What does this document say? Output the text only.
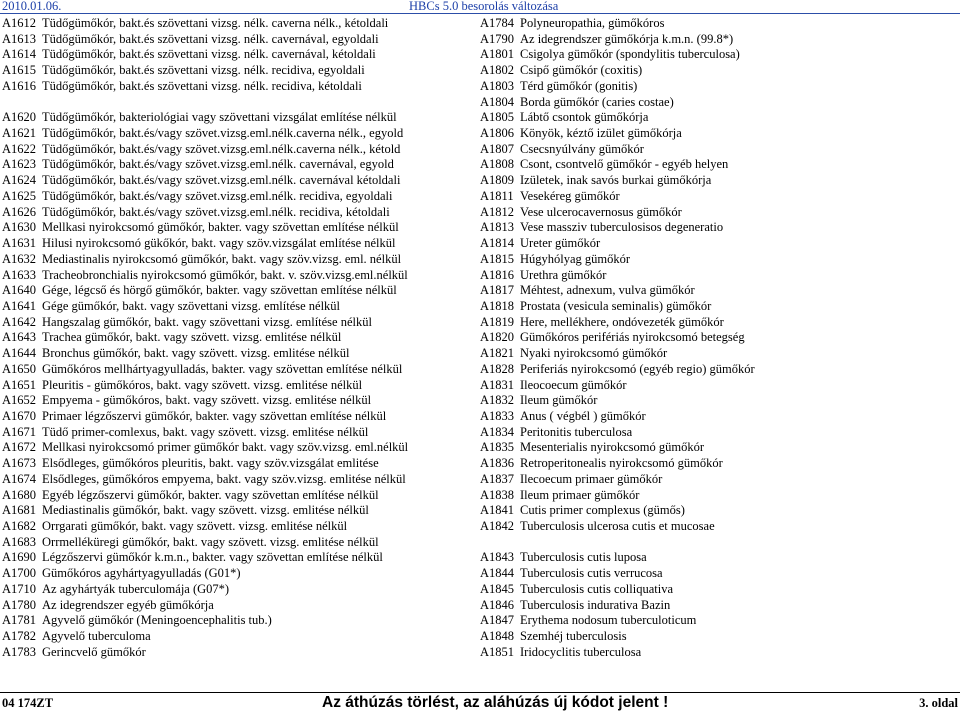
2010.01.06.	HBCs 5.0 besorolás változása
A1612 Tüdőgümőkór, bakt.és szövettani vizsg. nélk. caverna nélk., kétoldali
A1613 Tüdőgümőkór, bakt.és szövettani vizsg. nélk. cavernával, egyoldali
A1614 Tüdőgümőkór, bakt.és szövettani vizsg. nélk. cavernával, kétoldali
A1615 Tüdőgümőkór, bakt.és szövettani vizsg. nélk. recidiva, egyoldali
A1616 Tüdőgümőkór, bakt.és szövettani vizsg. nélk. recidiva, kétoldali
A1620 Tüdőgümőkór, bakteriológiai vagy szövettani vizsgálat említése nélkül
A1621 Tüdőgümőkór, bakt.és/vagy szövet.vizsg.eml.nélk.caverna nélk., egyold
A1622 Tüdőgümőkór, bakt.és/vagy szövet.vizsg.eml.nélk.caverna nélk., kétold
A1623 Tüdőgümőkór, bakt.és/vagy szövet.vizsg.eml.nélk. cavernával, egyold
A1624 Tüdőgümőkór, bakt.és/vagy szövet.vizsg.eml.nélk. cavernával kétoldali
A1625 Tüdőgümőkór, bakt.és/vagy szövet.vizsg.eml.nélk. recidiva, egyoldali
A1626 Tüdőgümőkór, bakt.és/vagy szövet.vizsg.eml.nélk. recidiva, kétoldali
A1630 Mellkasi nyirokcsomó gümőkór, bakter. vagy szövettan említése nélkül
A1631 Hilusi nyirokcsomó gükőkór, bakt. vagy szöv.vizsgálat említése nélkül
A1632 Mediastinalis nyirokcsomó gümőkór, bakt. vagy szöv.vizsg. eml. nélkül
A1633 Tracheobronchialis nyirokcsomó gümőkór, bakt. v. szöv.vizsg.eml.nélkül
A1640 Gége, légcső és hörgő gümőkór, bakter. vagy szövettan említése nélkül
A1641 Gége gümőkór, bakt. vagy szövettani vizsg. említése nélkül
A1642 Hangszalag gümőkór, bakt. vagy szövettani vizsg. említése nélkül
A1643 Trachea gümőkór, bakt. vagy szövett. vizsg. emlitése nélkül
A1644 Bronchus gümőkór, bakt. vagy szövett. vizsg. emlitése nélkül
A1650 Gümőkóros mellhártyagyulladás, bakter. vagy szövettan említése nélkül
A1651 Pleuritis - gümőkóros, bakt. vagy szövett. vizsg. emlitése nélkül
A1652 Empyema - gümőkóros, bakt. vagy szövett. vizsg. emlitése nélkül
A1670 Primaer légzőszervi gümőkór, bakter. vagy szövettan említése nélkül
A1671 Tüdő primer-comlexus, bakt. vagy szövett. vizsg. emlitése nélkül
A1672 Mellkasi nyirokcsomó primer gümőkór bakt. vagy szöv.vizsg. eml.nélkül
A1673 Elsődleges, gümőkóros pleuritis, bakt. vagy szöv.vizsgálat emlitése
A1674 Elsődleges, gümőkóros empyema, bakt. vagy szöv.vizsg. emlitése nélkül
A1680 Egyéb légzőszervi gümőkór, bakter. vagy szövettan említése nélkül
A1681 Mediastinalis gümőkór, bakt. vagy szövett. vizsg. emlitése nélkül
A1682 Orrgarati gümőkór, bakt. vagy szövett. vizsg. emlitése nélkül
A1683 Orrmelléküregi gümőkór, bakt. vagy szövett. vizsg. emlitése nélkül
A1690 Légzőszervi gümőkór k.m.n., bakter. vagy szövettan említése nélkül
A1700 Gümőkóros agyhártyagyulladás (G01*)
A1710 Az agyhártyák tuberculomája (G07*)
A1780 Az idegrendszer egyéb gümőkórja
A1781 Agyvelő gümőkór (Meningoencephalitis tub.)
A1782 Agyvelő tuberculoma
A1783 Gerincvelő gümőkór
A1784 Polyneuropathia, gümőkóros
A1790 Az idegrendszer gümőkórja k.m.n. (99.8*)
A1801 Csigolya gümőkór (spondylitis tuberculosa)
A1802 Csipő gümőkór (coxitis)
A1803 Térd gümőkór (gonitis)
A1804 Borda gümőkór (caries costae)
A1805 Lábtő csontok gümőkórja
A1806 Könyök, kéztő izület gümőkórja
A1807 Csecsnyúlvány gümőkór
A1808 Csont, csontvelő gümőkór - egyéb helyen
A1809 Izületek, inak savós burkai gümőkórja
A1811 Vesekéreg gümőkór
A1812 Vese ulcerocavernosus gümőkór
A1813 Vese massziv tuberculosisos degeneratio
A1814 Ureter gümőkór
A1815 Húgyhólyag gümőkór
A1816 Urethra gümőkór
A1817 Méhtest, adnexum, vulva gümőkór
A1818 Prostata (vesicula seminalis) gümőkór
A1819 Here, mellékhere, ondóvezeték gümőkór
A1820 Gümőkóros perifériás nyirokcsomó betegség
A1821 Nyaki nyirokcsomó gümőkór
A1828 Periferiás nyirokcsomó (egyéb regio) gümőkór
A1831 Ileocoecum gümőkór
A1832 Ileum gümőkór
A1833 Anus ( végbél ) gümőkór
A1834 Peritonitis tuberculosa
A1835 Mesenterialis nyirokcsomó gümőkór
A1836 Retroperitonealis nyirokcsomó gümőkór
A1837 Ilecoecum primaer gümőkór
A1838 Ileum primaer gümőkór
A1841 Cutis primer complexus (gümős)
A1842 Tuberculosis ulcerosa cutis et mucosae
A1843 Tuberculosis cutis luposa
A1844 Tuberculosis cutis verrucosa
A1845 Tuberculosis cutis colliquativa
A1846 Tuberculosis indurativa Bazin
A1847 Erythema nodosum tuberculoticum
A1848 Szemhéj tuberculosis
A1851 Iridocyclitis tuberculosa
04 174ZT	Az áthúzás törlést, az aláhúzás új kódot jelent !	3. oldal
